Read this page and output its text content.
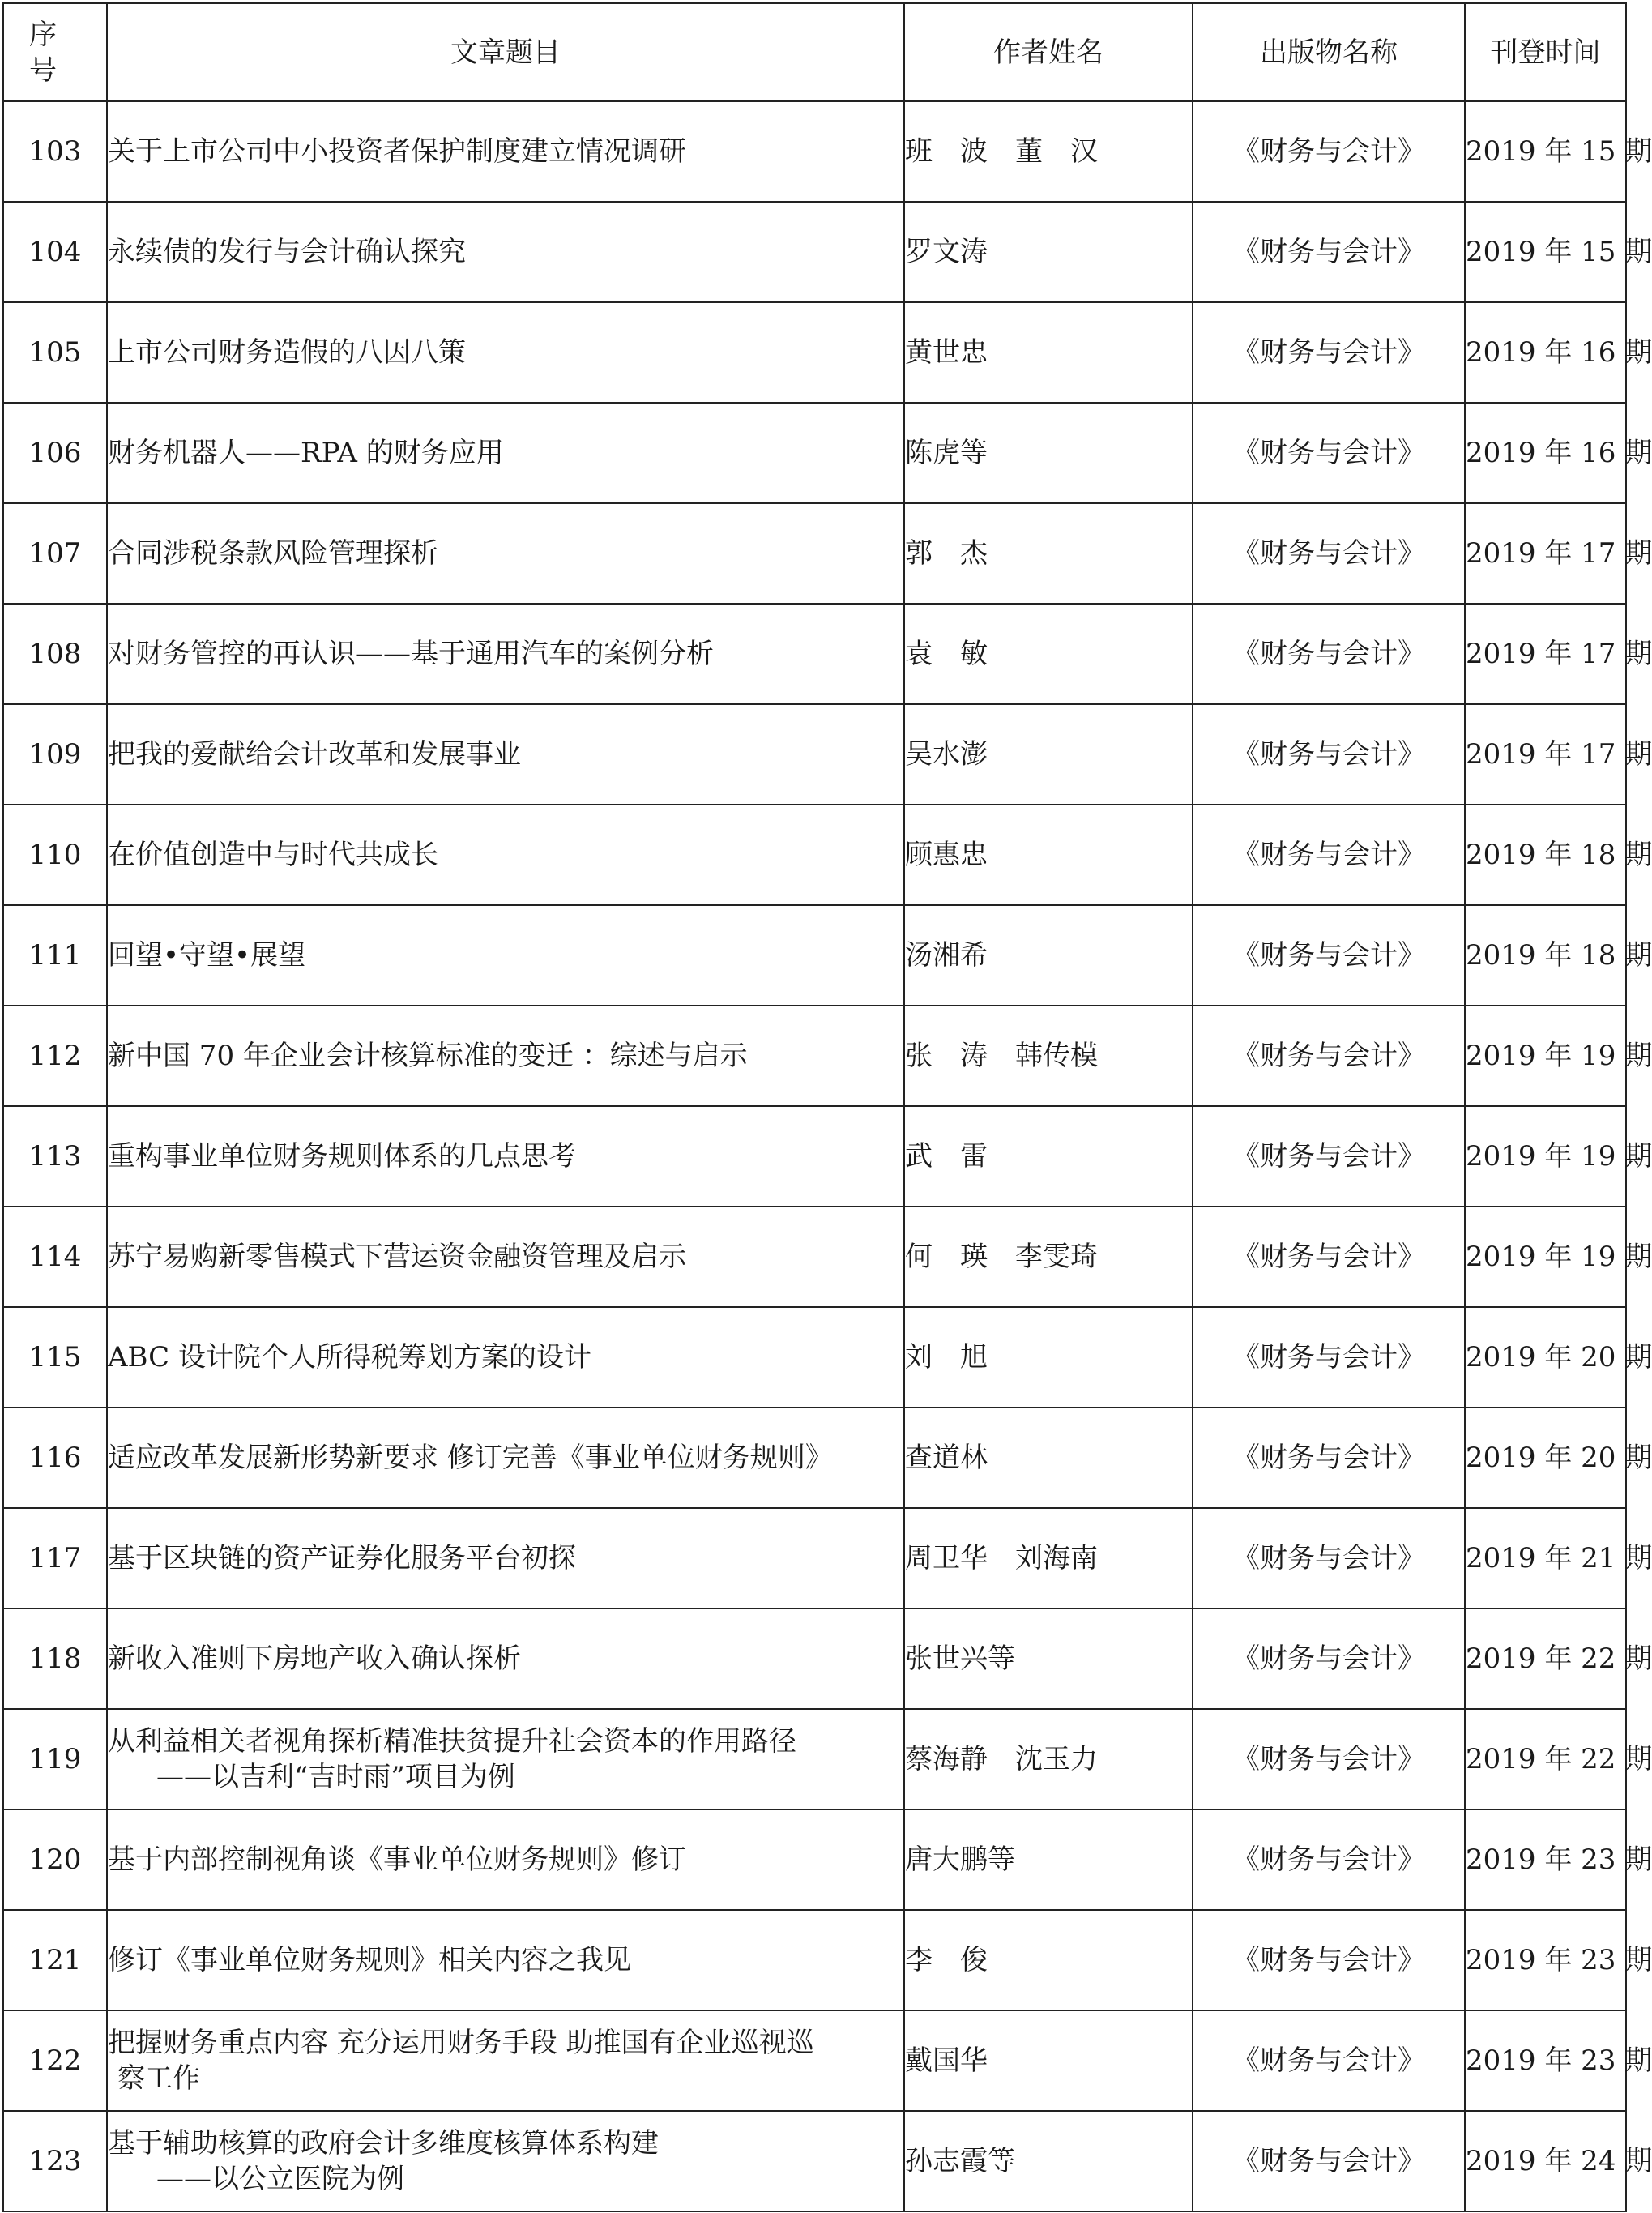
序 号	文章题目	作者姓名	出版物名称	刊登时间
103	关于上市公司中小投资者保护制度建立情况调研	班　波　董　汉	《财务与会计》	2019 年 15 期
104	永续债的发行与会计确认探究	罗文涛	《财务与会计》	2019 年 15 期
105	上市公司财务造假的八因八策	黄世忠	《财务与会计》	2019 年 16 期
106	财务机器人——RPA 的财务应用	陈虎等	《财务与会计》	2019 年 16 期
107	合同涉税条款风险管理探析	郭　杰	《财务与会计》	2019 年 17 期
108	对财务管控的再认识——基于通用汽车的案例分析	袁　敏	《财务与会计》	2019 年 17 期
109	把我的爱献给会计改革和发展事业	吴水澎	《财务与会计》	2019 年 17 期
110	在价值创造中与时代共成长	顾惠忠	《财务与会计》	2019 年 18 期
111	回望•守望•展望	汤湘希	《财务与会计》	2019 年 18 期
112	新中国 70 年企业会计核算标准的变迁 ：综述与启示	张　涛　韩传模	《财务与会计》	2019 年 19 期
113	重构事业单位财务规则体系的几点思考	武　雷	《财务与会计》	2019 年 19 期
114	苏宁易购新零售模式下营运资金融资管理及启示	何　瑛　李雯琦	《财务与会计》	2019 年 19 期
115	ABC 设计院个人所得税筹划方案的设计	刘　旭	《财务与会计》	2019 年 20 期
116	适应改革发展新形势新要求 修订完善《事业单位财务规则》	查道林	《财务与会计》	2019 年 20 期
117	基于区块链的资产证券化服务平台初探	周卫华　刘海南	《财务与会计》	2019 年 21 期
118	新收入准则下房地产收入确认探析	张世兴等	《财务与会计》	2019 年 22 期
119	从利益相关者视角探析精准扶贫提升社会资本的作用路径
——以吉利“吉时雨”项目为例	蔡海静　沈玉力	《财务与会计》	2019 年 22 期
120	基于内部控制视角谈《事业单位财务规则》修订	唐大鹏等	《财务与会计》	2019 年 23 期
121	修订《事业单位财务规则》相关内容之我见	李　俊	《财务与会计》	2019 年 23 期
122	把握财务重点内容 充分运用财务手段 助推国有企业巡视巡
察工作	戴国华	《财务与会计》	2019 年 23 期
123	基于辅助核算的政府会计多维度核算体系构建
——以公立医院为例	孙志霞等	《财务与会计》	2019 年 24 期
